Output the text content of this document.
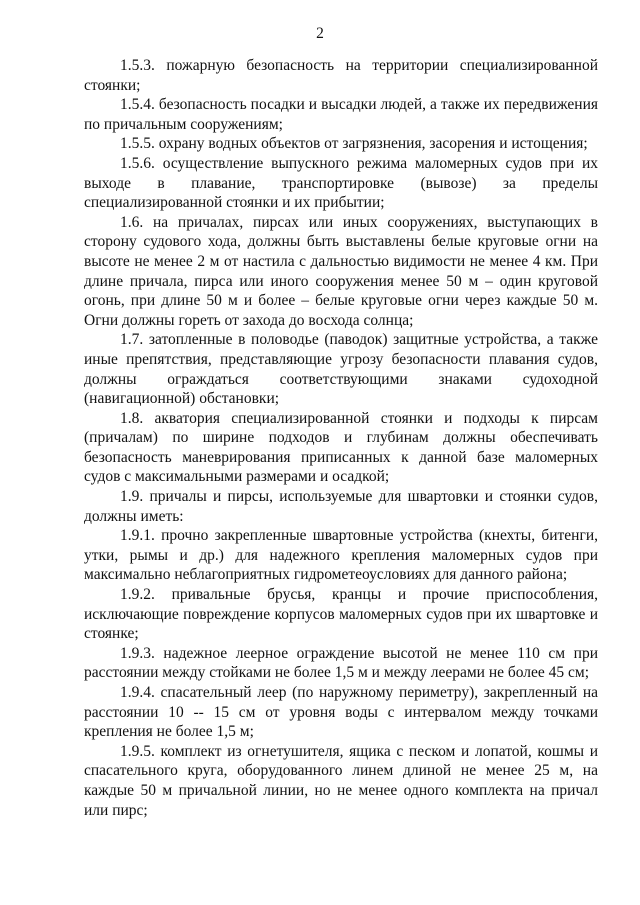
2

1.5.3. пожарную безопасность на территории специализированной стоянки;

1.5.4. безопасность посадки и высадки людей, а также их передвижения по причальным сооружениям;

1.5.5. охрану водных объектов от загрязнения, засорения и истощения;

1.5.6. осуществление выпускного режима маломерных судов при их выходе в плавание, транспортировке (вывозе) за пределы специализированной стоянки и их прибытии;

1.6. на причалах, пирсах или иных сооружениях, выступающих в сторону судового хода, должны быть выставлены белые круговые огни на высоте не менее 2 м от настила с дальностью видимости не менее 4 км. При длине причала, пирса или иного сооружения менее 50 м – один круговой огонь, при длине 50 м и более – белые круговые огни через каждые 50 м. Огни должны гореть от захода до восхода солнца;

1.7. затопленные в половодье (паводок) защитные устройства, а также иные препятствия, представляющие угрозу безопасности плавания судов, должны ограждаться соответствующими знаками судоходной (навигационной) обстановки;

1.8. акватория специализированной стоянки и подходы к пирсам (причалам) по ширине подходов и глубинам должны обеспечивать безопасность маневрирования приписанных к данной базе маломерных судов с максимальными размерами и осадкой;

1.9. причалы и пирсы, используемые для швартовки и стоянки судов, должны иметь:

1.9.1. прочно закрепленные швартовные устройства (кнехты, битенги, утки, рымы и др.) для надежного крепления маломерных судов при максимально неблагоприятных гидрометеоусловиях для данного района;

1.9.2. привальные брусья, кранцы и прочие приспособления, исключающие повреждение корпусов маломерных судов при их швартовке и стоянке;

1.9.3. надежное леерное ограждение высотой не менее 110 см при расстоянии между стойками не более 1,5 м и между леерами не более 45 см;

1.9.4. спасательный леер (по наружному периметру), закрепленный на расстоянии 10 -- 15 см от уровня воды с интервалом между точками крепления не более 1,5 м;

1.9.5. комплект из огнетушителя, ящика с песком и лопатой, кошмы и спасательного круга, оборудованного линем длиной не менее 25 м, на каждые 50 м причальной линии, но не менее одного комплекта на причал или пирс;
